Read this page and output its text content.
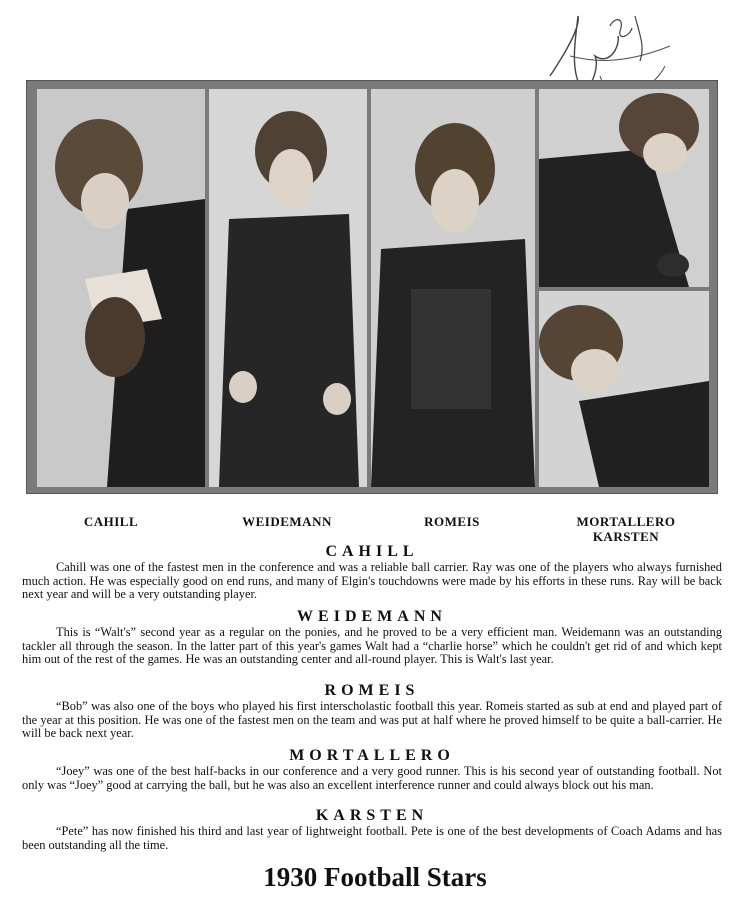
CAHILL	WEIDEMANN	ROMEIS	MORTALLERO
KARSTEN
CAHILL

Cahill was one of the fastest men in the conference and was a reliable ball carrier. Ray was one of the players who always furnished much action. He was especially good on end runs, and many of Elgin's touchdowns were made by his efforts in these runs. Ray will be back next year and will be a very outstanding player.

WEIDEMANN

This is “Walt's” second year as a regular on the ponies, and he proved to be a very efficient man. Weidemann was an outstanding tackler all through the season. In the latter part of this year's games Walt had a “charlie horse” which he couldn't get rid of and which kept him out of the rest of the games. He was an outstanding center and all-round player. This is Walt's last year.

ROMEIS

“Bob” was also one of the boys who played his first interscholastic football this year. Romeis started as sub at end and played part of the year at this position. He was one of the fastest men on the team and was put at half where he proved himself to be quite a ball-carrier. He will be back next year.

MORTALLERO

“Joey” was one of the best half-backs in our conference and a very good runner. This is his second year of outstanding football. Not only was “Joey” good at carrying the ball, but he was also an excellent interference runner and could always block out his man.

KARSTEN

“Pete” has now finished his third and last year of lightweight football. Pete is one of the best developments of Coach Adams and has been outstanding all the time.

1930 Football Stars
